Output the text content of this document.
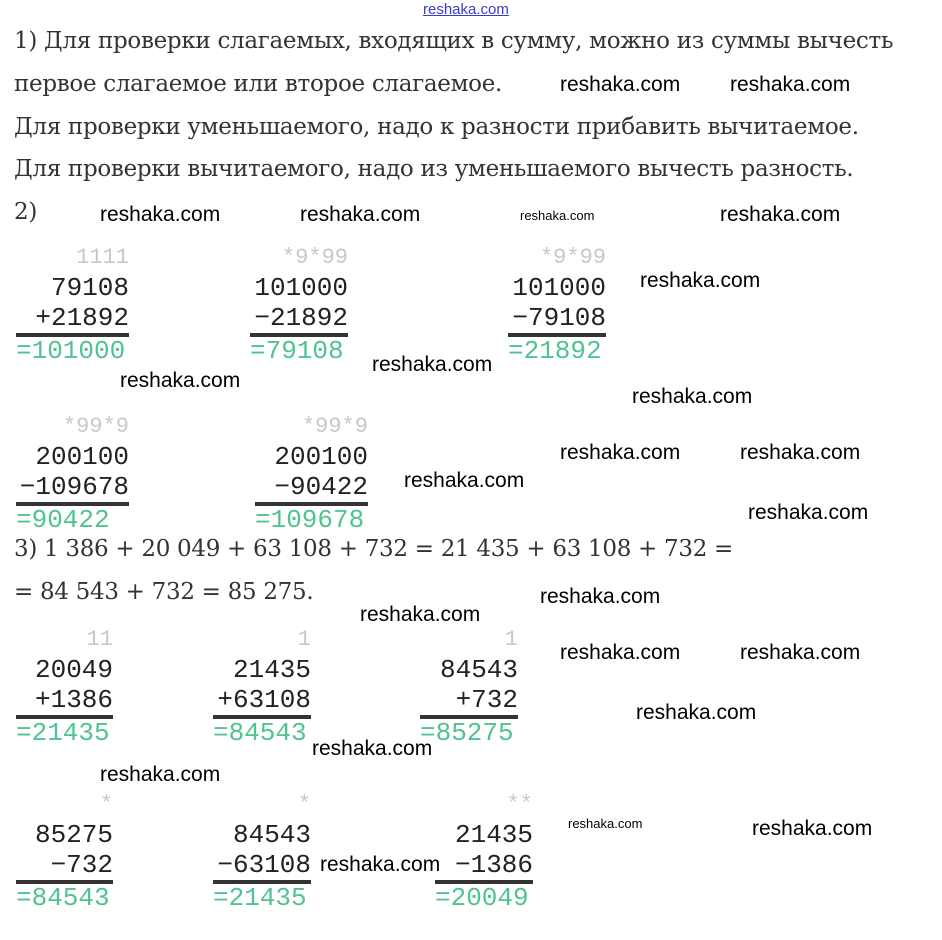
reshaka.com
1) Для проверки слагаемых, входящих в сумму, можно из суммы вычесть
первое слагаемое или второе слагаемое.
Для проверки уменьшаемого, надо к разности прибавить вычитаемое.
Для проверки вычитаемого, надо из уменьшаемого вычесть разность.
2)
3) 1 386 + 20 049 + 63 108 + 732 = 21 435 + 63 108 + 732 =
= 84 543 + 732 = 85 275.
1111
79108
+21892
=101000
*9*99
101000
−21892
=79108
*9*99
101000
−79108
=21892
*99*9
200100
−109678
=90422
*99*9
200100
−90422
=109678
11
20049
+1386
=21435
1
21435
+63108
=84543
1
84543
+732
=85275
*
85275
−732
=84543
*
84543
−63108
=21435
**
21435
−1386
=20049
reshaka.com reshaka.com
reshaka.com
reshaka.com
reshaka.com	reshaka.com
reshaka.com
reshaka.com
reshaka.com
reshaka.com
reshaka.com
reshaka.com
reshaka.com
reshaka.com
reshaka.com
reshaka.com
reshaka.com
reshaka.com
reshaka.com
reshaka.com	reshaka.com
reshaka.com
reshaka.com
reshaka.com
